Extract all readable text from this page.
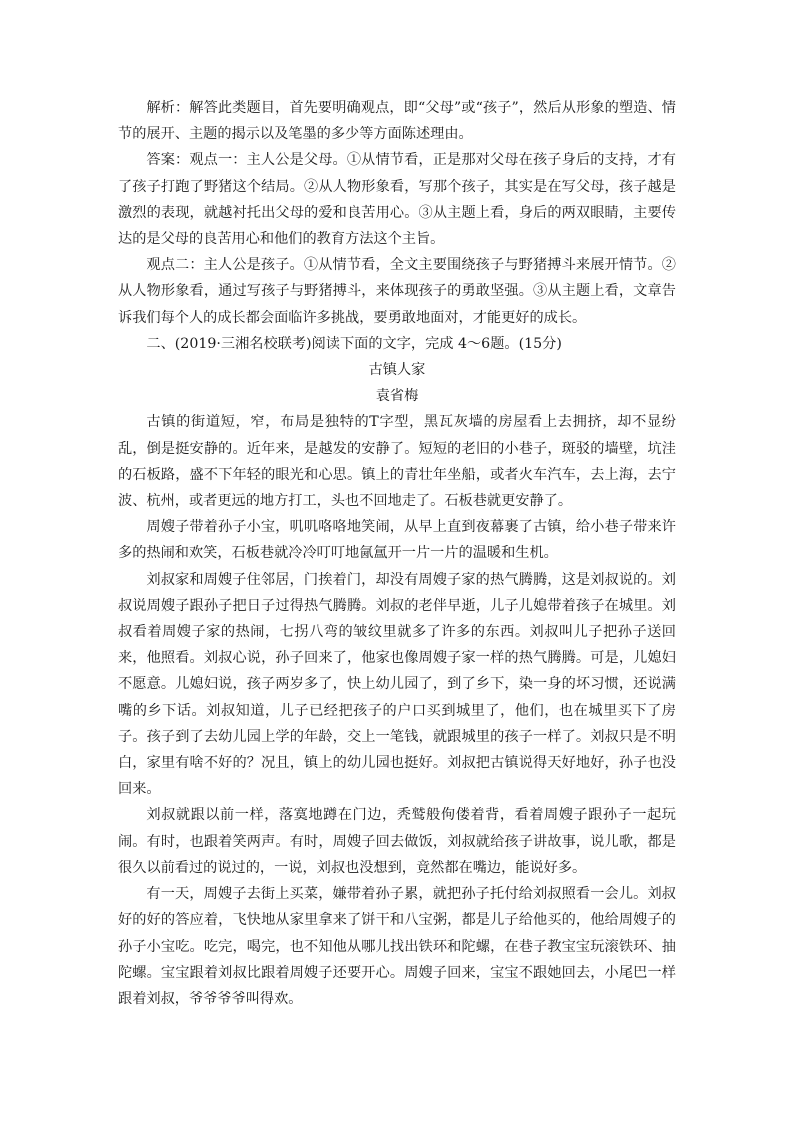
解析：解答此类题目，首先要明确观点，即“父母”或“孩子”，然后从形象的塑造、情节的展开、主题的揭示以及笔墨的多少等方面陈述理由。

答案：观点一：主人公是父母。①从情节看，正是那对父母在孩子身后的支持，才有了孩子打跑了野猪这个结局。②从人物形象看，写那个孩子，其实是在写父母，孩子越是激烈的表现，就越衬托出父母的爱和良苦用心。③从主题上看，身后的两双眼睛，主要传达的是父母的良苦用心和他们的教育方法这个主旨。

观点二：主人公是孩子。①从情节看，全文主要围绕孩子与野猪搏斗来展开情节。②从人物形象看，通过写孩子与野猪搏斗，来体现孩子的勇敢坚强。③从主题上看，文章告诉我们每个人的成长都会面临许多挑战，要勇敢地面对，才能更好的成长。

二、(2019·三湘名校联考)阅读下面的文字，完成 4～6题。(15分)

古镇人家

袁省梅

古镇的街道短，窄，布局是独特的T字型，黑瓦灰墙的房屋看上去拥挤，却不显纷乱，倒是挺安静的。近年来，是越发的安静了。短短的老旧的小巷子，斑驳的墙壁，坑洼的石板路，盛不下年轻的眼光和心思。镇上的青壮年坐船，或者火车汽车，去上海，去宁波、杭州，或者更远的地方打工，头也不回地走了。石板巷就更安静了。

周嫂子带着孙子小宝，叽叽咯咯地笑闹，从早上直到夜幕裹了古镇，给小巷子带来许多的热闹和欢笑，石板巷就冷冷叮叮地氤氲开一片一片的温暖和生机。

刘叔家和周嫂子住邻居，门挨着门，却没有周嫂子家的热气腾腾，这是刘叔说的。刘叔说周嫂子跟孙子把日子过得热气腾腾。刘叔的老伴早逝，儿子儿媳带着孩子在城里。刘叔看着周嫂子家的热闹，七拐八弯的皱纹里就多了许多的东西。刘叔叫儿子把孙子送回来，他照看。刘叔心说，孙子回来了，他家也像周嫂子家一样的热气腾腾。可是，儿媳妇不愿意。儿媳妇说，孩子两岁多了，快上幼儿园了，到了乡下，染一身的坏习惯，还说满嘴的乡下话。刘叔知道，儿子已经把孩子的户口买到城里了，他们，也在城里买下了房子。孩子到了去幼儿园上学的年龄，交上一笔钱，就跟城里的孩子一样了。刘叔只是不明白，家里有啥不好的？况且，镇上的幼儿园也挺好。刘叔把古镇说得天好地好，孙子也没回来。

刘叔就跟以前一样，落寞地蹲在门边，秃鹫般佝偻着背，看着周嫂子跟孙子一起玩闹。有时，也跟着笑两声。有时，周嫂子回去做饭，刘叔就给孩子讲故事，说儿歌，都是很久以前看过的说过的，一说，刘叔也没想到，竟然都在嘴边，能说好多。

有一天，周嫂子去街上买菜，嫌带着孙子累，就把孙子托付给刘叔照看一会儿。刘叔好的好的答应着，飞快地从家里拿来了饼干和八宝粥，都是儿子给他买的，他给周嫂子的孙子小宝吃。吃完，喝完，也不知他从哪儿找出铁环和陀螺，在巷子教宝宝玩滚铁环、抽陀螺。宝宝跟着刘叔比跟着周嫂子还要开心。周嫂子回来，宝宝不跟她回去，小尾巴一样跟着刘叔，爷爷爷爷叫得欢。
